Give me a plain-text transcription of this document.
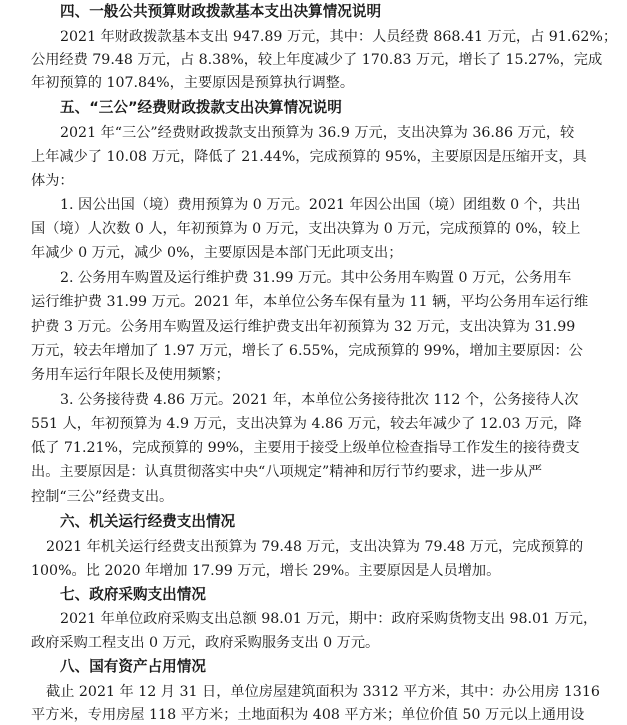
四、一般公共预算财政拨款基本支出决算情况说明
2021 年财政拨款基本支出 947.89 万元，其中：人员经费 868.41 万元，占 91.62%；
公用经费 79.48 万元，占 8.38%，较上年度减少了 170.83 万元，增长了 15.27%，完成
年初预算的 107.84%，主要原因是预算执行调整。
五、“三公”经费财政拨款支出决算情况说明
2021 年“三公”经费财政拨款支出预算为 36.9 万元，支出决算为 36.86 万元，较
上年减少了 10.08 万元，降低了 21.44%，完成预算的 95%，主要原因是压缩开支，具
体为：
1. 因公出国（境）费用预算为 0 万元。2021 年因公出国（境）团组数 0 个，共出
国（境）人次数 0 人，年初预算为 0 万元，支出决算为 0 万元，完成预算的 0%，较上
年减少 0 万元，减少 0%，主要原因是本部门无此项支出；
2. 公务用车购置及运行维护费 31.99 万元。其中公务用车购置 0 万元，公务用车
运行维护费 31.99 万元。2021 年，本单位公务车保有量为 11 辆，平均公务用车运行维
护费 3 万元。公务用车购置及运行维护费支出年初预算为 32 万元，支出决算为 31.99
万元，较去年增加了 1.97 万元，增长了 6.55%，完成预算的 99%，增加主要原因：公
务用车运行年限长及使用频繁；
3. 公务接待费 4.86 万元。2021 年，本单位公务接待批次 112 个，公务接待人次
551 人，年初预算为 4.9 万元，支出决算为 4.86 万元，较去年减少了 12.03 万元，降
低了 71.21%，完成预算的 99%，主要用于接受上级单位检查指导工作发生的接待费支
出。主要原因是：认真贯彻落实中央“八项规定”精神和厉行节约要求，进一步从严
控制“三公”经费支出。
六、机关运行经费支出情况
2021 年机关运行经费支出预算为 79.48 万元，支出决算为 79.48 万元，完成预算的
100%。比 2020 年增加 17.99 万元，增长 29%。主要原因是人员增加。
七、政府采购支出情况
2021 年单位政府采购支出总额 98.01 万元，期中：政府采购货物支出 98.01 万元，
政府采购工程支出 0 万元，政府采购服务支出 0 万元。
八、国有资产占用情况
截止 2021 年 12 月 31 日，单位房屋建筑面积为 3312 平方米，其中：办公用房 1316
平方米，专用房屋 118 平方米；土地面积为 408 平方米；单位价值 50 万元以上通用设
